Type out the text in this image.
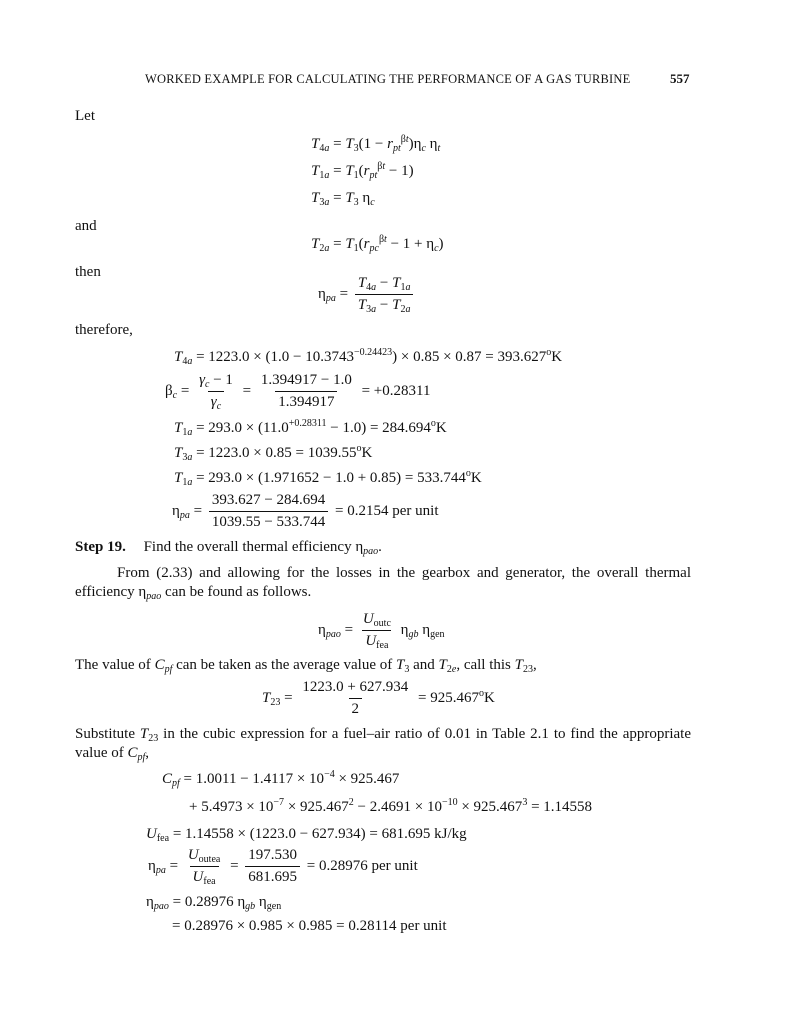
WORKED EXAMPLE FOR CALCULATING THE PERFORMANCE OF A GAS TURBINE	557
Let
$T_{4a} = T_3(1 - r_{pt}^{\beta t})\eta_c$ $\eta_t$
$T_{1a} = T_1(r_{pt}^{\beta t} - 1)$
$T_{3a} = T_3$ $\eta_c$
and
$T_{2a} = T_1(r_{pc}^{\beta t} - 1 + \eta_c)$
then
$\eta_{pa} = \frac{T_{4a} - T_{1a}}{T_{3a} - T_{2a}}$
therefore,
$T_{4a} = 1223.0 \times (1.0 - 10.3743^{-0.24423}) \times 0.85 \times 0.87 = 393.627^oK$
$\beta_c = \frac{\gamma_c - 1}{\gamma_c} = \frac{1.394917 - 1.0}{1.394917} = +0.28311$
$T_{1a} = 293.0 \times (11.0^{+0.28311} - 1.0) = 284.694^oK$
$T_{3a} = 1223.0 \times 0.85 = 1039.55^oK$
$T_{1a} = 293.0 \times (1.971652 - 1.0 + 0.85) = 533.744^oK$
$\eta_{pa} = \frac{393.627 - 284.694}{1039.55 - 533.744} = 0.2154$ per unit
Step 19. Find the overall thermal efficiency $\eta_{pao}$.
From (2.33) and allowing for the losses in the gearbox and generator, the overall thermal efficiency $\eta_{pao}$ can be found as follows.
$\eta_{pao} = \frac{U_{outc}}{U_{fea}} \eta_{gb}$ $\eta_{gen}$
The value of $C_{pf}$ can be taken as the average value of $T_3$ and $T_{2e}$, call this $T_{23}$,
$T_{23} = \frac{1223.0 + 627.934}{2} = 925.467^oK$
Substitute $T_{23}$ in the cubic expression for a fuel–air ratio of 0.01 in Table 2.1 to find the appropriate value of $C_{pf}$,
$C_{pf} = 1.0011 - 1.4117 \times 10^{-4} \times 925.467$
+ $5.4973 \times 10^{-7} \times 925.467^2 - 2.4691 \times 10^{-10} \times 925.467^3 = 1.14558$
$U_{fea} = 1.14558 \times (1223.0 - 627.934) = 681.695$ kJ/kg
$\eta_{pa} = \frac{U_{outea}}{U_{fea}} = \frac{197.530}{681.695} = 0.28976$ per unit
$\eta_{pao} = 0.28976$ $\eta_{gb}$ $\eta_{gen}$
= 0.28976 × 0.985 × 0.985 = 0.28114 per unit
